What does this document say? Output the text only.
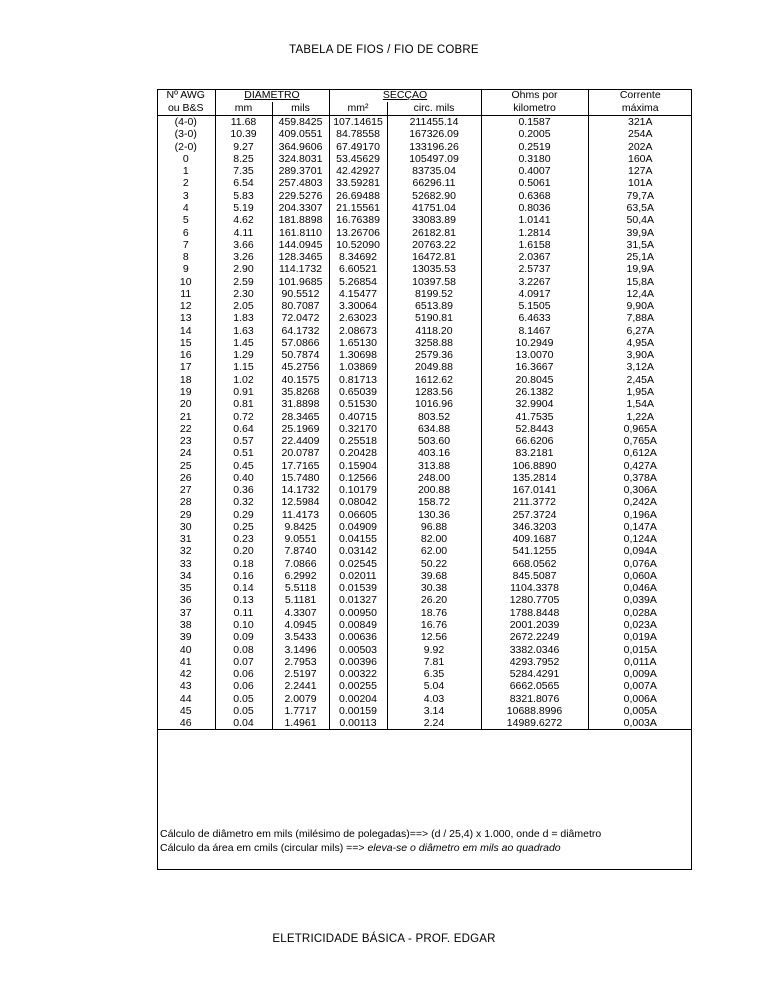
TABELA DE FIOS / FIO DE COBRE
Nº AWG	DIÂMETRO		SECÇÃO		Ohms por	Corrente
ou B&S	mm	mils	mm²	circ. mils	kilometro	máxima
(4-0)	11.68	459.8425	107.14615	211455.14	0.1587	321A
(3-0)	10.39	409.0551	84.78558	167326.09	0.2005	254A
(2-0)	9.27	364.9606	67.49170	133196.26	0.2519	202A
0	8.25	324.8031	53.45629	105497.09	0.3180	160A
1	7.35	289.3701	42.42927	83735.04	0.4007	127A
2	6.54	257.4803	33.59281	66296.11	0.5061	101A
3	5.83	229.5276	26.69488	52682.90	0.6368	79,7A
4	5.19	204.3307	21.15561	41751.04	0.8036	63,5A
5	4.62	181.8898	16.76389	33083.89	1.0141	50,4A
6	4.11	161.8110	13.26706	26182.81	1.2814	39,9A
7	3.66	144.0945	10.52090	20763.22	1.6158	31,5A
8	3.26	128.3465	8.34692	16472.81	2.0367	25,1A
9	2.90	114.1732	6.60521	13035.53	2.5737	19,9A
10	2.59	101.9685	5.26854	10397.58	3.2267	15,8A
11	2.30	90.5512	4.15477	8199.52	4.0917	12,4A
12	2.05	80.7087	3.30064	6513.89	5.1505	9,90A
13	1.83	72.0472	2.63023	5190.81	6.4633	7,88A
14	1.63	64.1732	2.08673	4118.20	8.1467	6,27A
15	1.45	57.0866	1.65130	3258.88	10.2949	4,95A
16	1.29	50.7874	1.30698	2579.36	13.0070	3,90A
17	1.15	45.2756	1.03869	2049.88	16.3667	3,12A
18	1.02	40.1575	0.81713	1612.62	20.8045	2,45A
19	0.91	35.8268	0.65039	1283.56	26.1382	1,95A
20	0.81	31.8898	0.51530	1016.96	32.9904	1,54A
21	0.72	28.3465	0.40715	803.52	41.7535	1,22A
22	0.64	25.1969	0.32170	634.88	52.8443	0,965A
23	0.57	22.4409	0.25518	503.60	66.6206	0,765A
24	0.51	20.0787	0.20428	403.16	83.2181	0,612A
25	0.45	17.7165	0.15904	313.88	106.8890	0,427A
26	0.40	15.7480	0.12566	248.00	135.2814	0,378A
27	0.36	14.1732	0.10179	200.88	167.0141	0,306A
28	0.32	12.5984	0.08042	158.72	211.3772	0,242A
29	0.29	11.4173	0.06605	130.36	257.3724	0,196A
30	0.25	9.8425	0.04909	96.88	346.3203	0,147A
31	0.23	9.0551	0.04155	82.00	409.1687	0,124A
32	0.20	7.8740	0.03142	62.00	541.1255	0,094A
33	0.18	7.0866	0.02545	50.22	668.0562	0,076A
34	0.16	6.2992	0.02011	39.68	845.5087	0,060A
35	0.14	5.5118	0.01539	30.38	1104.3378	0,046A
36	0.13	5.1181	0.01327	26.20	1280.7705	0,039A
37	0.11	4.3307	0.00950	18.76	1788.8448	0,028A
38	0.10	4.0945	0.00849	16.76	2001.2039	0,023A
39	0.09	3.5433	0.00636	12.56	2672.2249	0,019A
40	0.08	3.1496	0.00503	9.92	3382.0346	0,015A
41	0.07	2.7953	0.00396	7.81	4293.7952	0,011A
42	0.06	2.5197	0.00322	6.35	5284.4291	0,009A
43	0.06	2.2441	0.00255	5.04	6662.0565	0,007A
44	0.05	2.0079	0.00204	4.03	8321.8076	0,006A
45	0.05	1.7717	0.00159	3.14	10688.8996	0,005A
46	0.04	1.4961	0.00113	2.24	14989.6272	0,003A
Cálculo de diâmetro em mils (milésimo de polegadas)==> (d / 25,4) x 1.000, onde d = diâmetro
Cálculo da área em cmils (circular mils) ==> eleva-se o diâmetro em mils ao quadrado
ELETRICIDADE BÁSICA - PROF. EDGAR
